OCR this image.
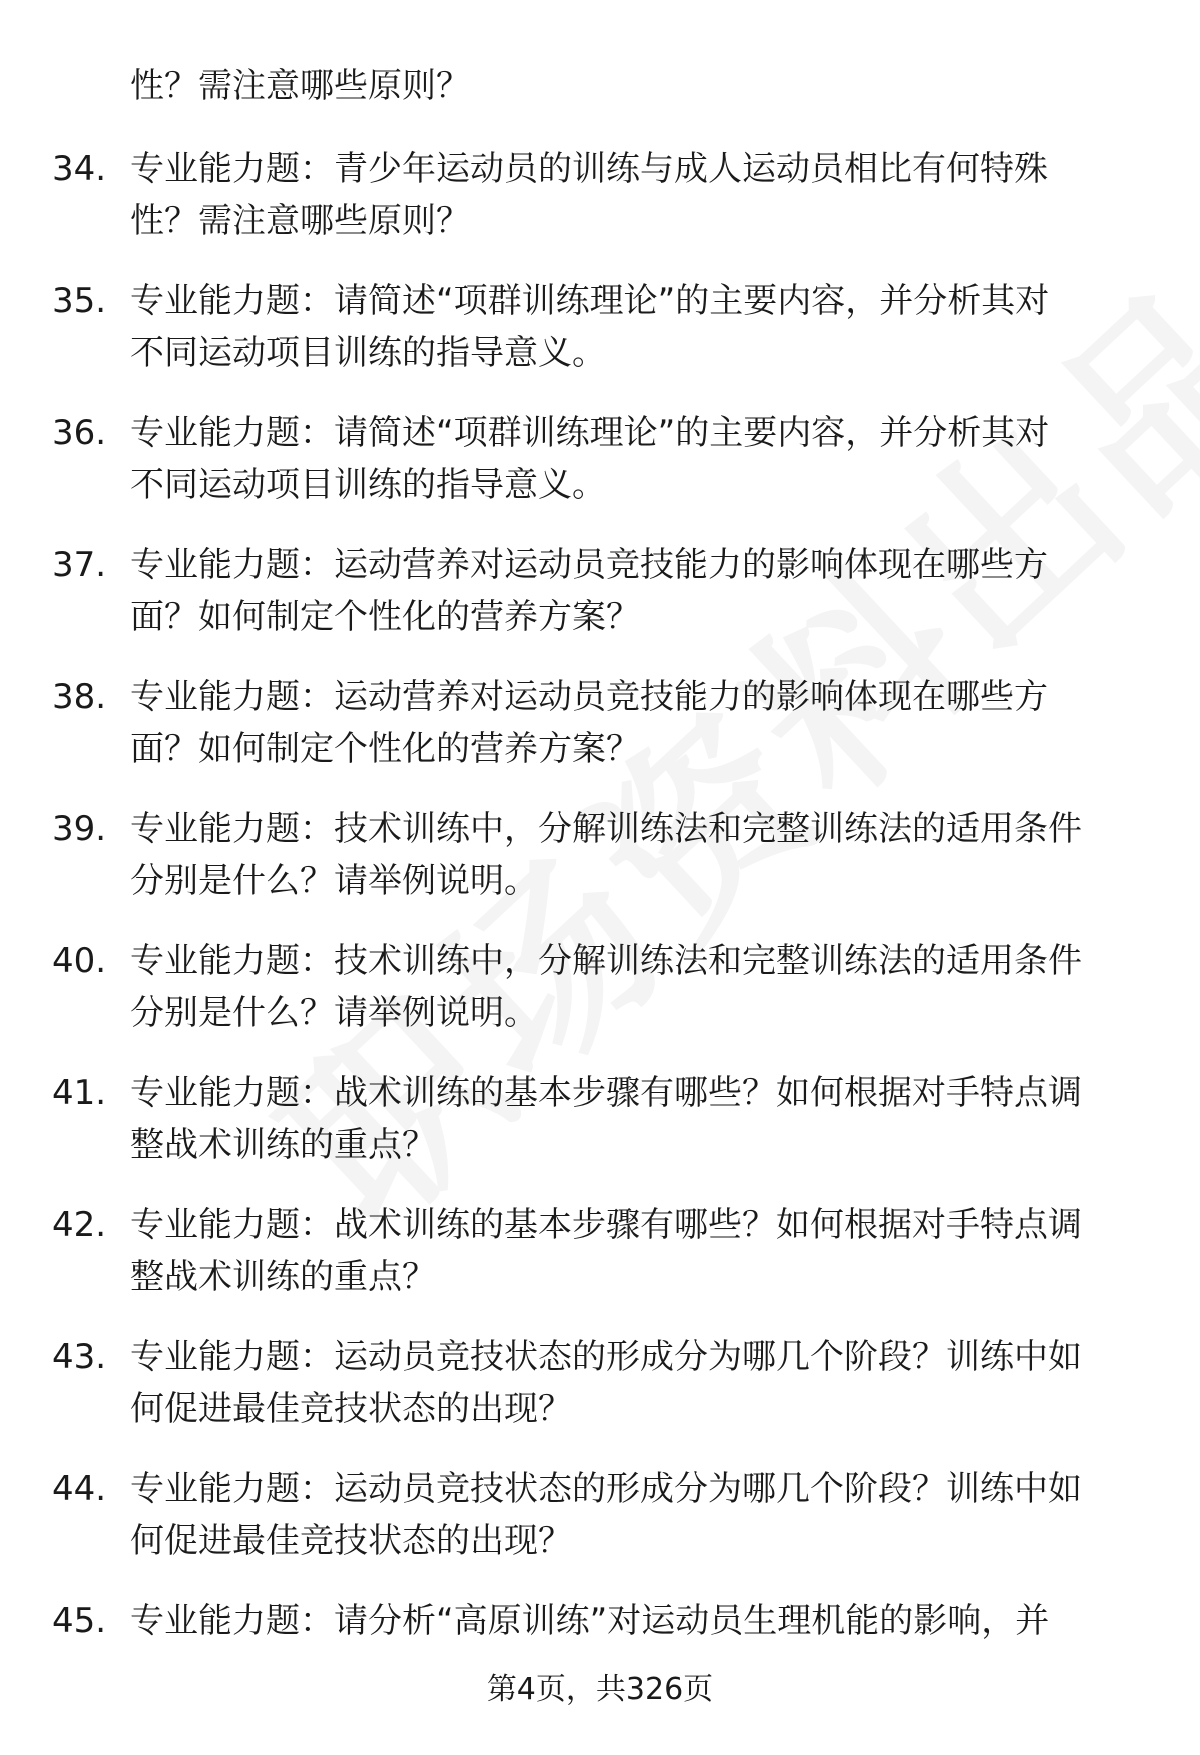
性？需注意哪些原则？
34. 专业能力题：青少年运动员的训练与成人运动员相比有何特殊
性？需注意哪些原则？
35. 专业能力题：请简述“项群训练理论”的主要内容，并分析其对
不同运动项目训练的指导意义。
36. 专业能力题：请简述“项群训练理论”的主要内容，并分析其对
不同运动项目训练的指导意义。
37. 专业能力题：运动营养对运动员竞技能力的影响体现在哪些方
面？如何制定个性化的营养方案？
38. 专业能力题：运动营养对运动员竞技能力的影响体现在哪些方
面？如何制定个性化的营养方案？
39. 专业能力题：技术训练中，分解训练法和完整训练法的适用条件
分别是什么？请举例说明。
40. 专业能力题：技术训练中，分解训练法和完整训练法的适用条件
分别是什么？请举例说明。
41. 专业能力题：战术训练的基本步骤有哪些？如何根据对手特点调
整战术训练的重点？
42. 专业能力题：战术训练的基本步骤有哪些？如何根据对手特点调
整战术训练的重点？
43. 专业能力题：运动员竞技状态的形成分为哪几个阶段？训练中如
何促进最佳竞技状态的出现？
44. 专业能力题：运动员竞技状态的形成分为哪几个阶段？训练中如
何促进最佳竞技状态的出现？
45. 专业能力题：请分析“高原训练”对运动员生理机能的影响，并
第4页，共326页
